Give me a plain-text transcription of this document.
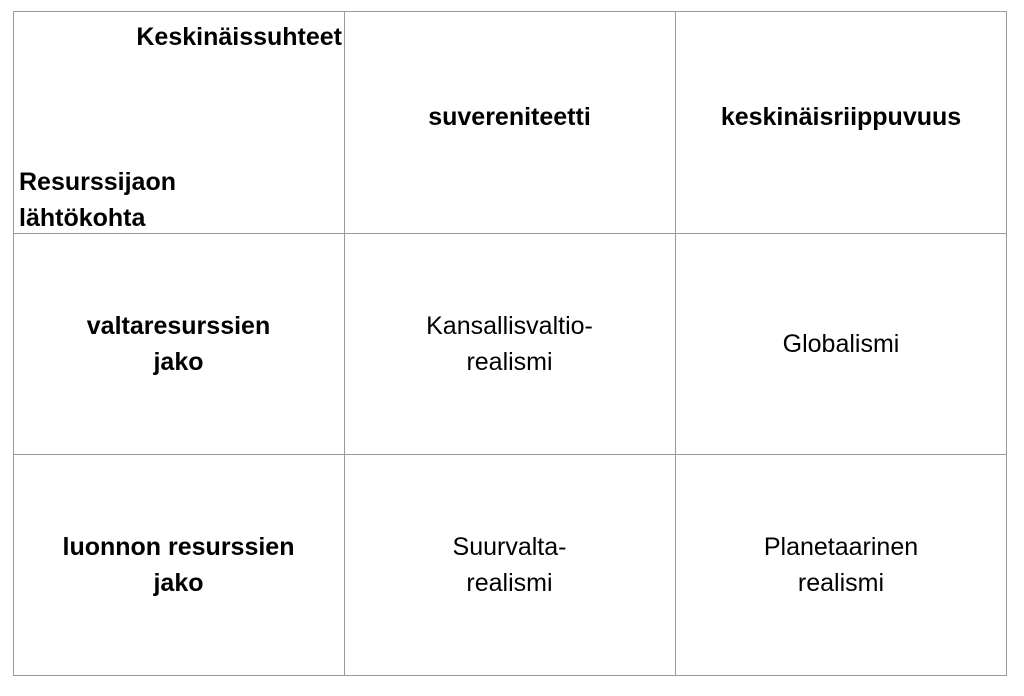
Keskinäissuhteet
Resurssijaon
lähtökohta
suvereniteetti	keskinäisriippuvuus
valtaresurssien
jako
Kansallisvaltio-
realismi
Globalismi
luonnon resurssien
jako
Suurvalta-
realismi
Planetaarinen
realismi
